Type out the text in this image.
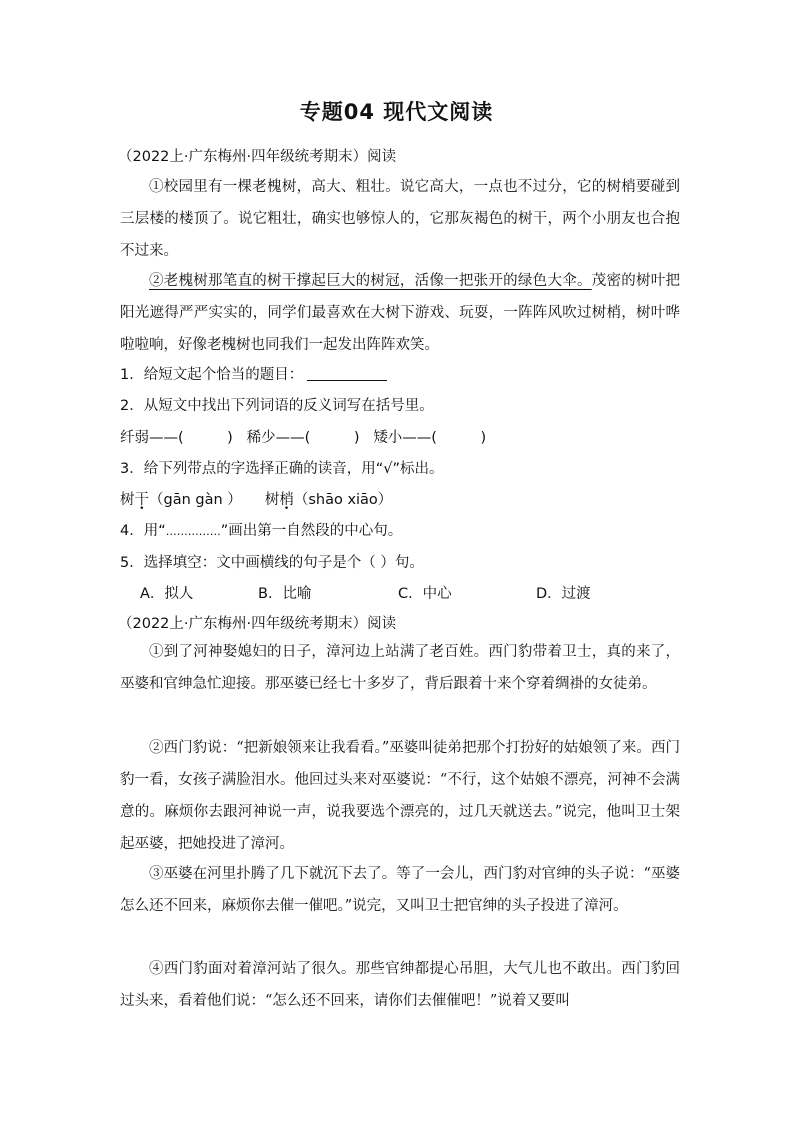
专题04 现代文阅读
（2022上·广东梅州·四年级统考期末）阅读

①校园里有一棵老槐树，高大、粗壮。说它高大，一点也不过分，它的树梢要碰到三层楼的楼顶了。说它粗壮，确实也够惊人的，它那灰褐色的树干，两个小朋友也合抱不过来。

②老槐树那笔直的树干撑起巨大的树冠，活像一把张开的绿色大伞。茂密的树叶把阳光遮得严严实实的，同学们最喜欢在大树下游戏、玩耍，一阵阵风吹过树梢，树叶哗啦啦响，好像老槐树也同我们一起发出阵阵欢笑。

1．给短文起个恰当的题目：
2．从短文中找出下列词语的反义词写在括号里。
纤弱——(　　　) 稀少——(　　　) 矮小——(　　　)
3．给下列带点的字选择正确的读音，用“√”标出。
树干（gān gàn ） 树梢（shāo xiāo）
4．用“……………”画出第一自然段的中心句。
5．选择填空：文中画横线的句子是个（ ）句。
A．拟人	B．比喻	C．中心	D．过渡
（2022上·广东梅州·四年级统考期末）阅读

①到了河神娶媳妇的日子，漳河边上站满了老百姓。西门豹带着卫士，真的来了，巫婆和官绅急忙迎接。那巫婆已经七十多岁了，背后跟着十来个穿着绸褂的女徒弟。

②西门豹说：“把新娘领来让我看看。”巫婆叫徒弟把那个打扮好的姑娘领了来。西门豹一看，女孩子满脸泪水。他回过头来对巫婆说：“不行，这个姑娘不漂亮，河神不会满意的。麻烦你去跟河神说一声，说我要选个漂亮的，过几天就送去。”说完，他叫卫士架起巫婆，把她投进了漳河。

③巫婆在河里扑腾了几下就沉下去了。等了一会儿，西门豹对官绅的头子说：“巫婆怎么还不回来，麻烦你去催一催吧。”说完，又叫卫士把官绅的头子投进了漳河。

④西门豹面对着漳河站了很久。那些官绅都提心吊胆，大气儿也不敢出。西门豹回过头来，看着他们说：“怎么还不回来，请你们去催催吧！”说着又要叫
